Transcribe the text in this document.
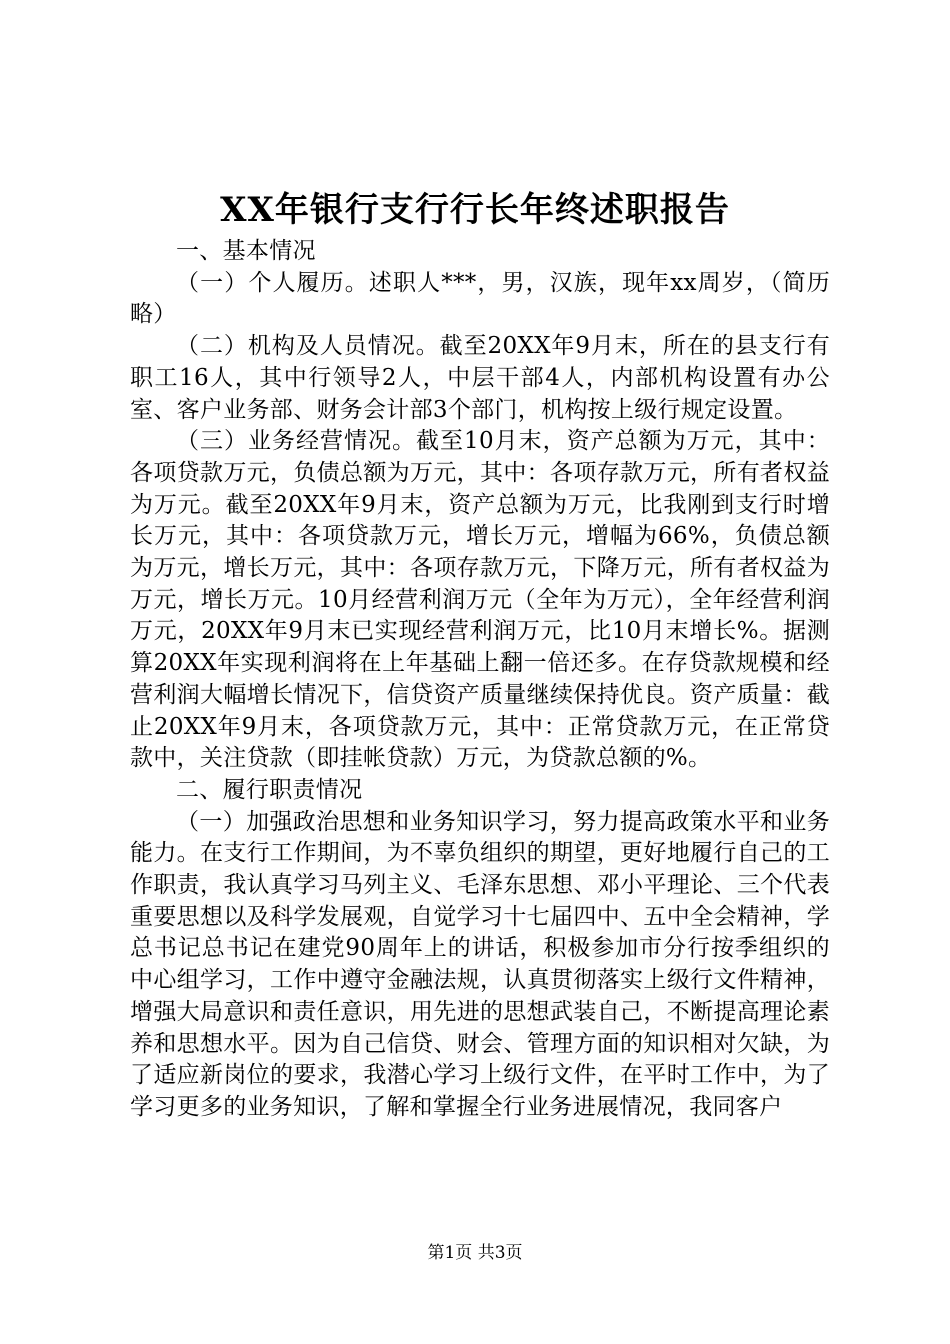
XX年银行支行行长年终述职报告

一、基本情况

（一）个人履历。述职人***，男，汉族，现年xx周岁，（简历略）

（二）机构及人员情况。截至20XX年9月末，所在的县支行有职工16人，其中行领导2人，中层干部4人，内部机构设置有办公室、客户业务部、财务会计部3个部门，机构按上级行规定设置。

（三）业务经营情况。截至10月末，资产总额为万元，其中：各项贷款万元，负债总额为万元，其中：各项存款万元，所有者权益为万元。截至20XX年9月末，资产总额为万元，比我刚到支行时增长万元，其中：各项贷款万元，增长万元，增幅为66%，负债总额为万元，增长万元，其中：各项存款万元，下降万元，所有者权益为万元，增长万元。10月经营利润万元（全年为万元），全年经营利润万元，20XX年9月末已实现经营利润万元，比10月末增长%。据测算20XX年实现利润将在上年基础上翻一倍还多。在存贷款规模和经营利润大幅增长情况下，信贷资产质量继续保持优良。资产质量：截止20XX年9月末，各项贷款万元，其中：正常贷款万元，在正常贷款中，关注贷款（即挂帐贷款）万元，为贷款总额的%。

二、履行职责情况

（一）加强政治思想和业务知识学习，努力提高政策水平和业务能力。在支行工作期间，为不辜负组织的期望，更好地履行自己的工作职责，我认真学习马列主义、毛泽东思想、邓小平理论、三个代表重要思想以及科学发展观，自觉学习十七届四中、五中全会精神，学总书记总书记在建党90周年上的讲话，积极参加市分行按季组织的中心组学习，工作中遵守金融法规，认真贯彻落实上级行文件精神，增强大局意识和责任意识，用先进的思想武装自己，不断提高理论素养和思想水平。因为自己信贷、财会、管理方面的知识相对欠缺，为了适应新岗位的要求，我潜心学习上级行文件，在平时工作中，为了学习更多的业务知识，了解和掌握全行业务进展情况，我同客户

第1页 共3页
